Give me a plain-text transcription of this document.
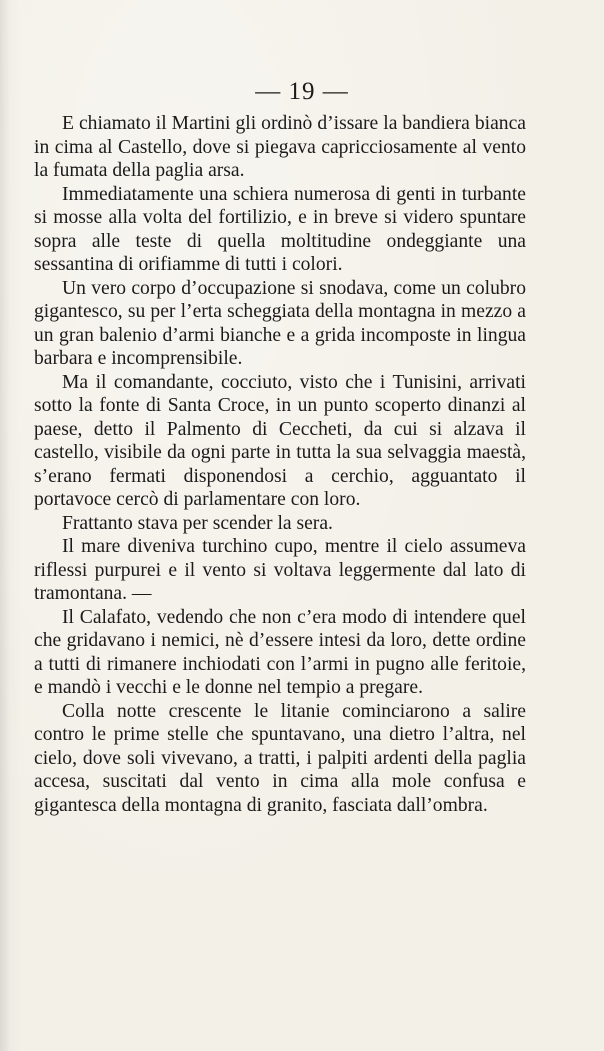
— 19 —

E chiamato il Martini gli ordinò d’issare la bandiera bianca in cima al Castello, dove si piegava capricciosamente al vento la fumata della paglia arsa.

Immediatamente una schiera numerosa di genti in turbante si mosse alla volta del fortilizio, e in breve si videro spuntare sopra alle teste di quella moltitudine ondeggiante una sessantina di orifiamme di tutti i colori.

Un vero corpo d’occupazione si snodava, come un colubro gigantesco, su per l’erta scheggiata della montagna in mezzo a un gran balenio d’armi bianche e a grida incomposte in lingua barbara e incomprensibile.

Ma il comandante, cocciuto, visto che i Tunisini, arrivati sotto la fonte di Santa Croce, in un punto scoperto dinanzi al paese, detto il Palmento di Ceccheti, da cui si alzava il castello, visibile da ogni parte in tutta la sua selvaggia maestà, s’erano fermati disponendosi a cerchio, agguantato il portavoce cercò di parlamentare con loro.

Frattanto stava per scender la sera.

Il mare diveniva turchino cupo, mentre il cielo assumeva riflessi purpurei e il vento si voltava leggermente dal lato di tramontana. —

Il Calafato, vedendo che non c’era modo di intendere quel che gridavano i nemici, nè d’essere intesi da loro, dette ordine a tutti di rimanere inchiodati con l’armi in pugno alle feritoie, e mandò i vecchi e le donne nel tempio a pregare.

Colla notte crescente le litanie cominciarono a salire contro le prime stelle che spuntavano, una dietro l’altra, nel cielo, dove soli vivevano, a tratti, i palpiti ardenti della paglia accesa, suscitati dal vento in cima alla mole confusa e gigantesca della montagna di granito, fasciata dall’ombra.
